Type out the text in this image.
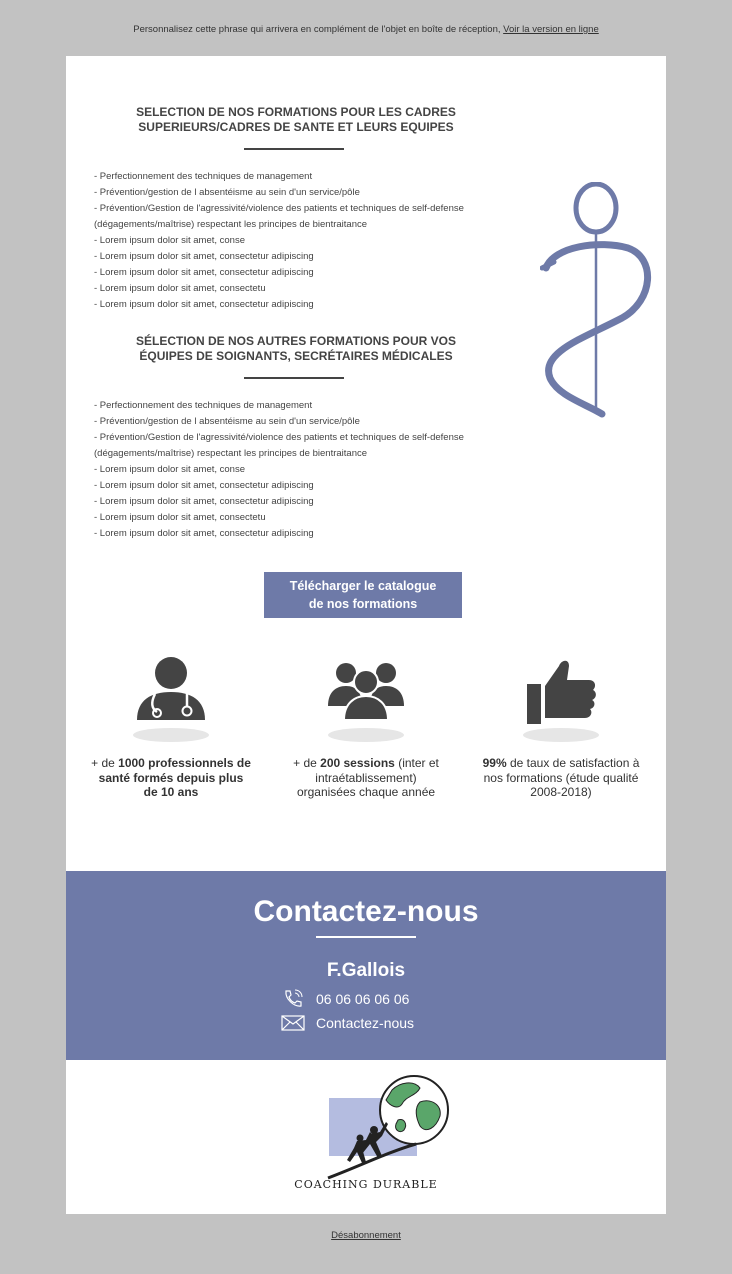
Personnalisez cette phrase qui arrivera en complément de l'objet en boîte de réception, Voir la version en ligne
SELECTION DE NOS FORMATIONS POUR LES CADRES
SUPERIEURS/CADRES DE SANTE ET LEURS EQUIPES
- Perfectionnement des techniques de management
- Prévention/gestion de l absentéisme au sein d'un service/pôle
- Prévention/Gestion de l'agressivité/violence des patients et techniques de self-defense
(dégagements/maîtrise) respectant les principes de bientraitance
- Lorem ipsum dolor sit amet, conse
- Lorem ipsum dolor sit amet, consectetur adipiscing
- Lorem ipsum dolor sit amet, consectetur adipiscing
- Lorem ipsum dolor sit amet, consectetu
- Lorem ipsum dolor sit amet, consectetur adipiscing
SÉLECTION DE NOS AUTRES FORMATIONS POUR VOS
ÉQUIPES DE SOIGNANTS, SECRÉTAIRES MÉDICALES
- Perfectionnement des techniques de management
- Prévention/gestion de l absentéisme au sein d'un service/pôle
- Prévention/Gestion de l'agressivité/violence des patients et techniques de self-defense
(dégagements/maîtrise) respectant les principes de bientraitance
- Lorem ipsum dolor sit amet, conse
- Lorem ipsum dolor sit amet, consectetur adipiscing
- Lorem ipsum dolor sit amet, consectetur adipiscing
- Lorem ipsum dolor sit amet, consectetu
- Lorem ipsum dolor sit amet, consectetur adipiscing
Télécharger le catalogue
de nos formations
+ de 1000 professionnels de santé formés depuis plus de 10 ans
+ de 200 sessions (inter et intraétablissement) organisées chaque année
99% de taux de satisfaction à nos formations (étude qualité 2008-2018)
Contactez-nous
F.Gallois
06 06 06 06 06
Contactez-nous
COACHING DURABLE
Désabonnement
